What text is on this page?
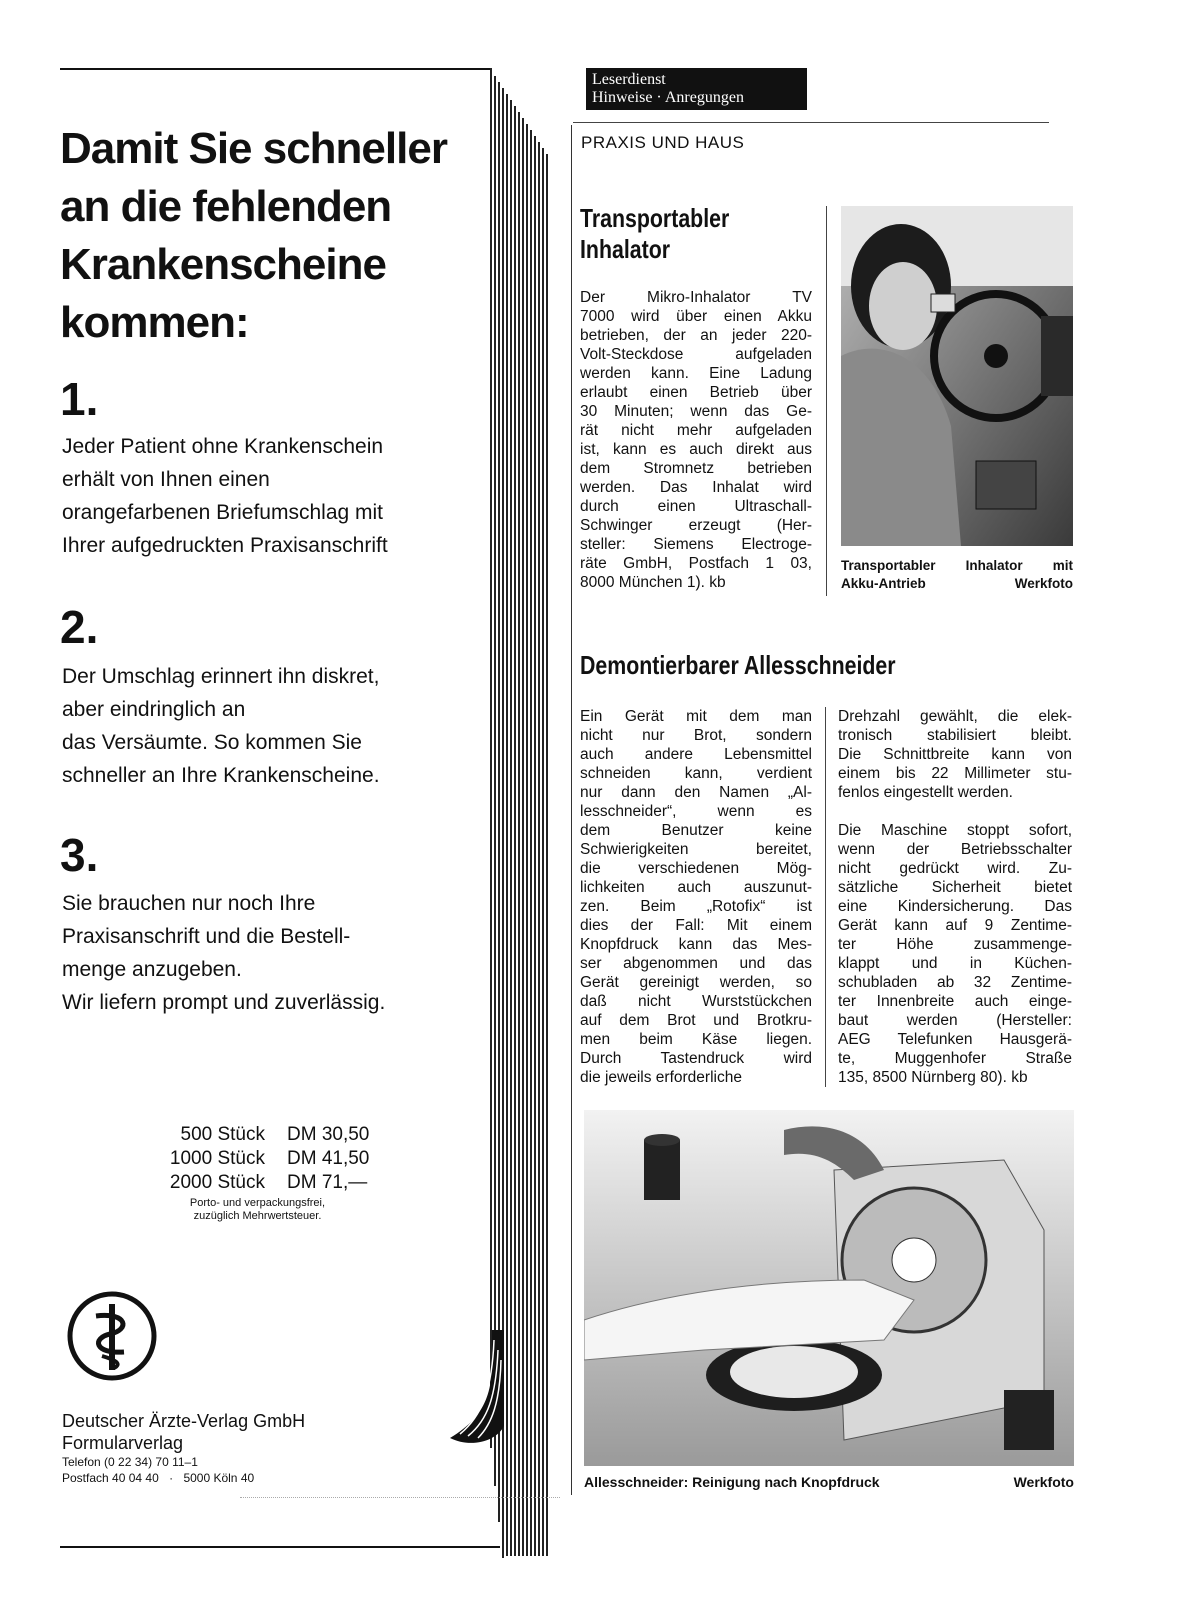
Damit Sie schneller
an die fehlenden
Krankenscheine
kommen:
1.
Jeder Patient ohne Krankenschein
erhält von Ihnen einen
orangefarbenen Briefumschlag mit
Ihrer aufgedruckten Praxisanschrift
2.
Der Umschlag erinnert ihn diskret,
aber eindringlich an
das Versäumte. So kommen Sie
schneller an Ihre Krankenscheine.
3.
Sie brauchen nur noch Ihre
Praxisanschrift und die Bestell-
menge anzugeben.
Wir liefern prompt und zuverlässig.
500 Stück	DM 30,50
1000 Stück	DM 41,50
2000 Stück	DM 71,—
Porto- und verpackungsfrei,
zuzüglich Mehrwertsteuer.
Deutscher Ärzte-Verlag GmbH
Formularverlag
Telefon (0 22 34) 70 11–1
Postfach 40 04 40 · 5000 Köln 40
Leserdienst
Hinweise · Anregungen
PRAXIS UND HAUS
Transportabler
Inhalator
Der Mikro-Inhalator TV
7000 wird über einen Akku
betrieben, der an jeder 220-
Volt-Steckdose aufgeladen
werden kann. Eine Ladung
erlaubt einen Betrieb über
30 Minuten; wenn das Ge-
rät nicht mehr aufgeladen
ist, kann es auch direkt aus
dem Stromnetz betrieben
werden. Das Inhalat wird
durch einen Ultraschall-
Schwinger erzeugt (Her-
steller: Siemens Electroge-
räte GmbH, Postfach 1 03,
8000 München 1). kb
Transportabler Inhalator mit
Akku-Antrieb	Werkfoto
Demontierbarer Allesschneider
Ein Gerät mit dem man
nicht nur Brot, sondern
auch andere Lebensmittel
schneiden kann, verdient
nur dann den Namen „Al-
lesschneider“, wenn es
dem Benutzer keine
Schwierigkeiten bereitet,
die verschiedenen Mög-
lichkeiten auch auszunut-
zen. Beim „Rotofix“ ist
dies der Fall: Mit einem
Knopfdruck kann das Mes-
ser abgenommen und das
Gerät gereinigt werden, so
daß nicht Wurststückchen
auf dem Brot und Brotkru-
men beim Käse liegen.
Durch Tastendruck wird
die jeweils erforderliche
Drehzahl gewählt, die elek-
tronisch stabilisiert bleibt.
Die Schnittbreite kann von
einem bis 22 Millimeter stu-
fenlos eingestellt werden.
Die Maschine stoppt sofort,
wenn der Betriebsschalter
nicht gedrückt wird. Zu-
sätzliche Sicherheit bietet
eine Kindersicherung. Das
Gerät kann auf 9 Zentime-
ter Höhe zusammenge-
klappt und in Küchen-
schubladen ab 32 Zentime-
ter Innenbreite auch einge-
baut werden (Hersteller:
AEG Telefunken Hausgerä-
te, Muggenhofer Straße
135, 8500 Nürnberg 80). kb
Allesschneider: Reinigung nach Knopfdruck	Werkfoto
